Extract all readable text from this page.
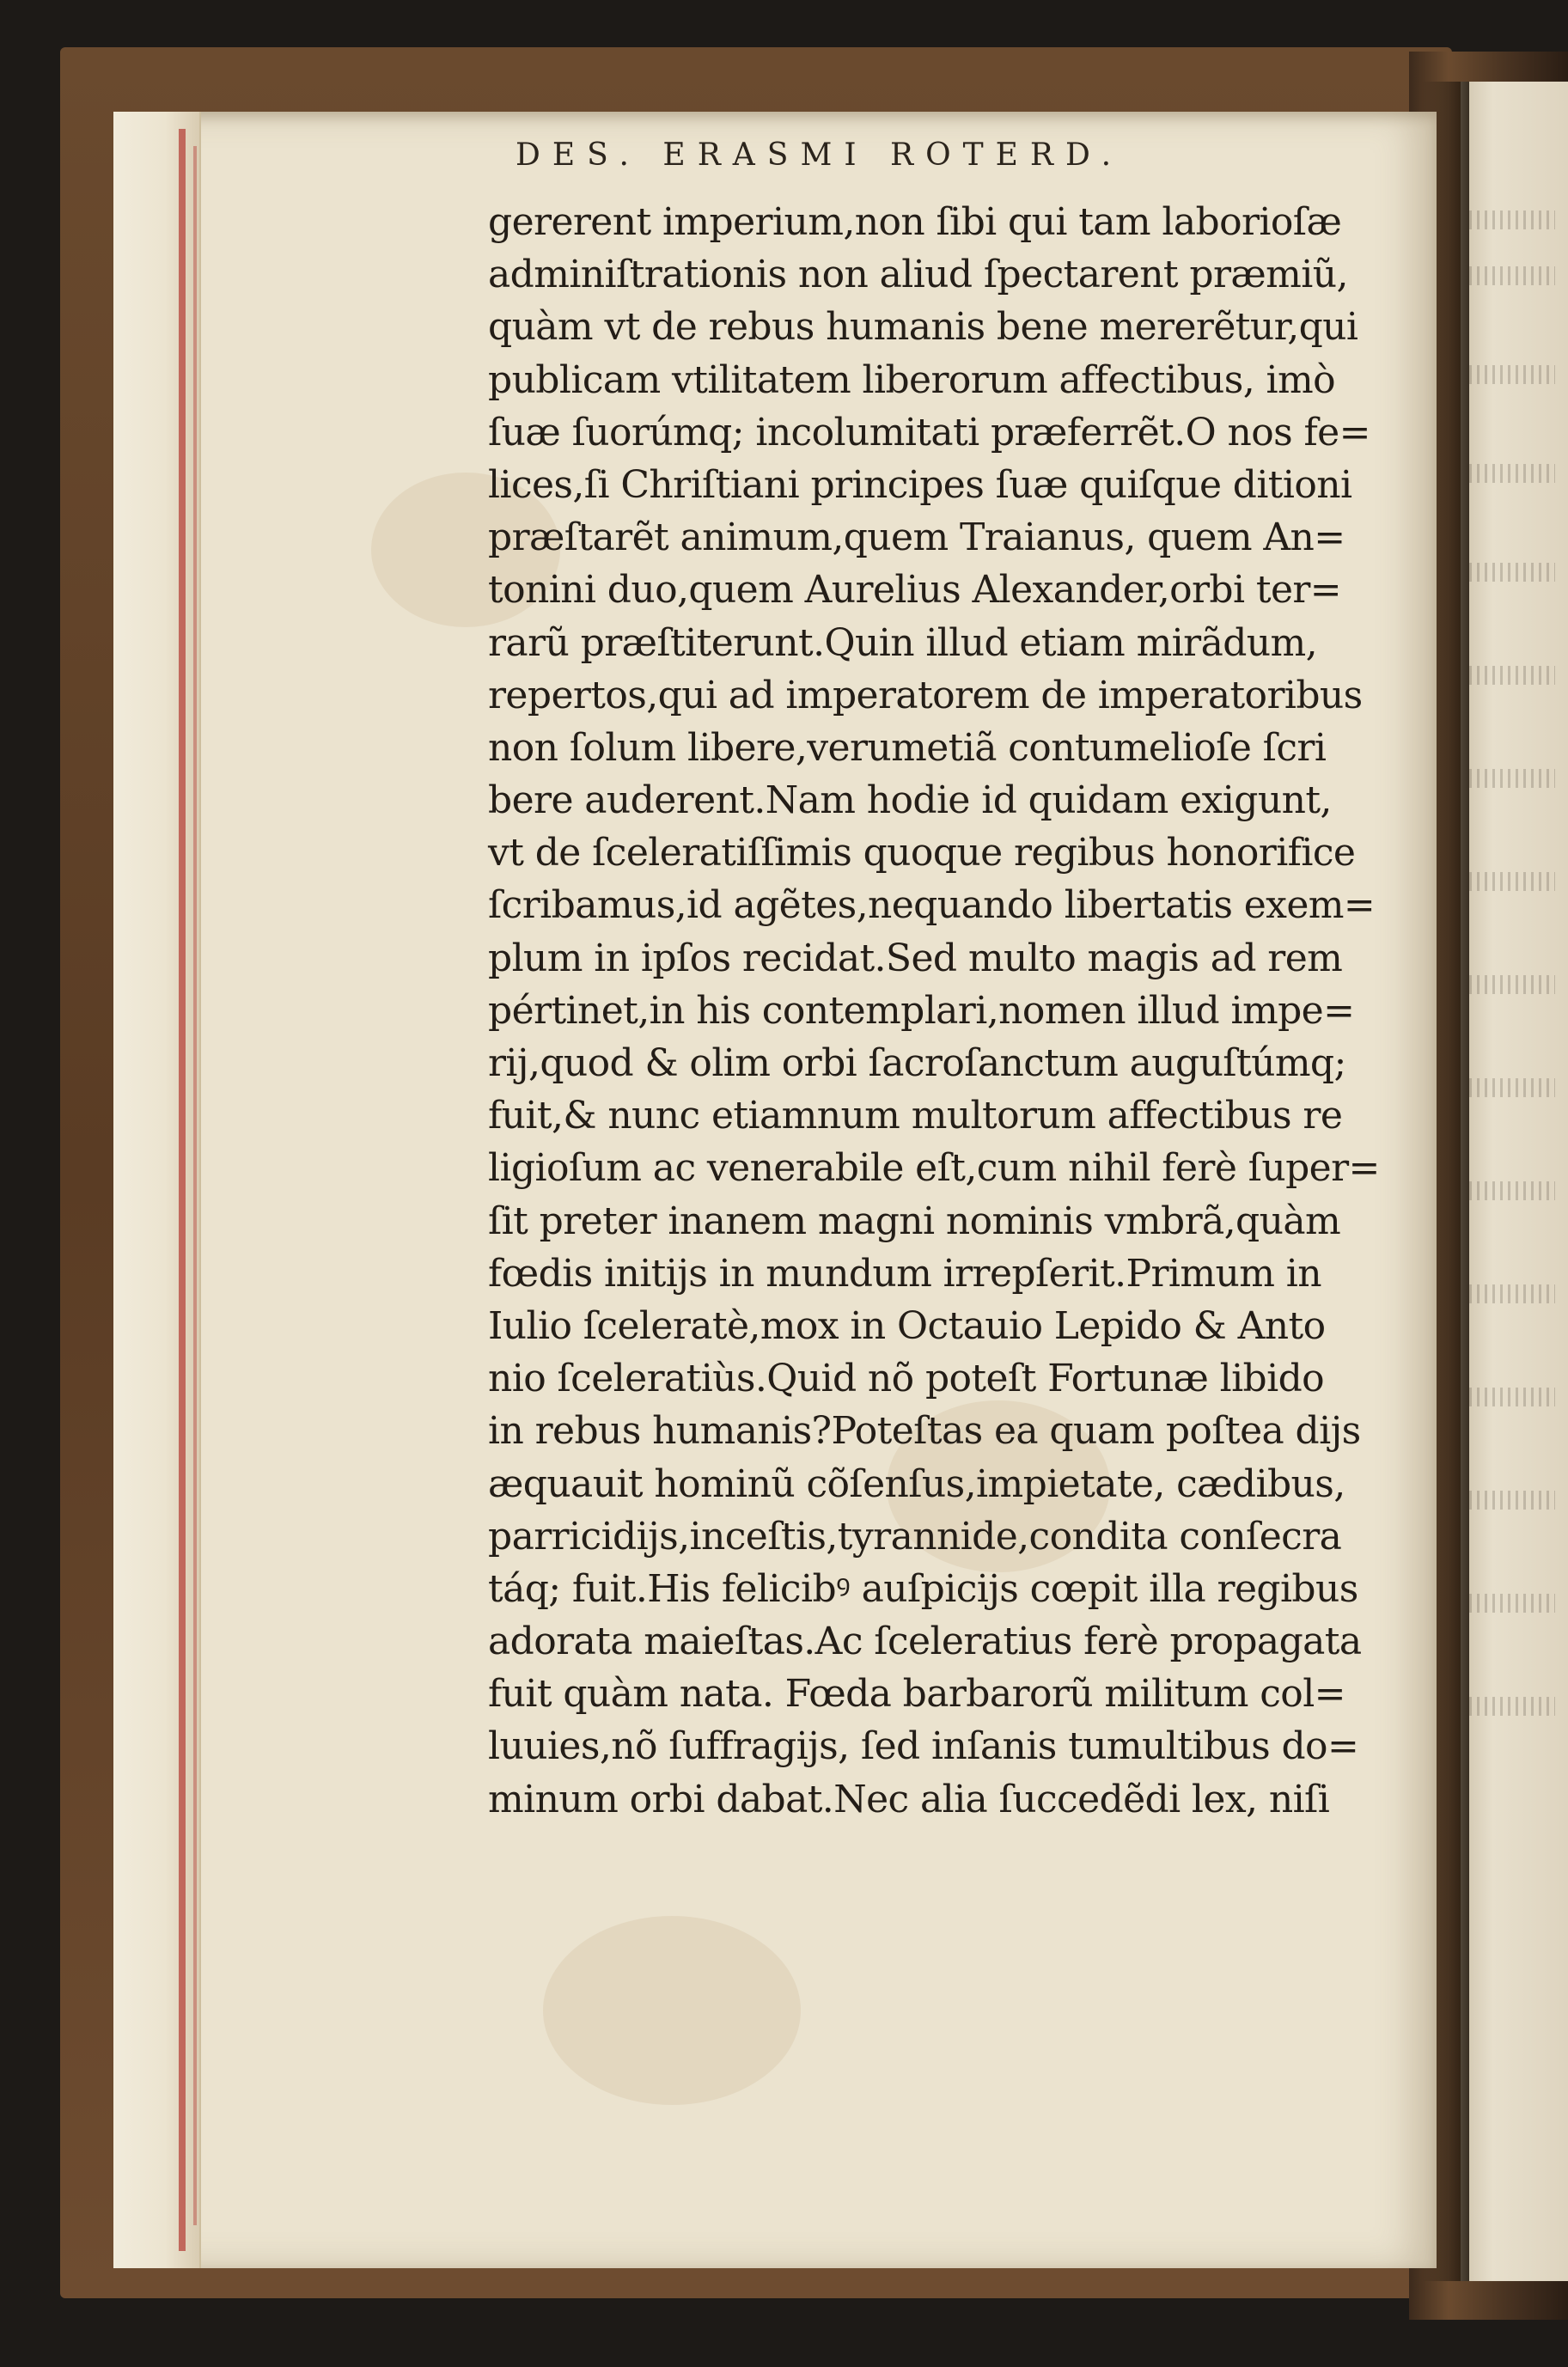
DES. ERASMI ROTERD.
gererent imperium,non ſibi qui tam laborioſæ
adminiſtrationis non aliud ſpectarent præmiũ,
quàm vt de rebus humanis bene mererẽtur,qui
publicam vtilitatem liberorum affectibus, imò
ſuæ ſuorúmq; incolumitati præferrẽt.O nos fe=
lices,ſi Chriſtiani principes ſuæ quiſque ditioni
præſtarẽt animum,quem Traianus, quem An=
tonini duo,quem Aurelius Alexander,orbi ter=
rarũ præſtiterunt.Quin illud etiam mirãdum,
repertos,qui ad imperatorem de imperatoribus
non ſolum libere,verumetiã contumelioſe ſcri
bere auderent.Nam hodie id quidam exigunt,
vt de ſceleratiſſimis quoque regibus honorifice
ſcribamus,id agẽtes,nequando libertatis exem=
plum in ipſos recidat.Sed multo magis ad rem
pértinet,in his contemplari,nomen illud impe=
rij,quod & olim orbi ſacroſanctum auguſtúmq;
fuit,& nunc etiamnum multorum affectibus re
ligioſum ac venerabile eſt,cum nihil ferè ſuper=
ſit preter inanem magni nominis vmbrã,quàm
fœdis initijs in mundum irrepſerit.Primum in
Iulio ſceleratè,mox in Octauio Lepido & Anto
nio ſceleratiùs.Quid nõ poteſt Fortunæ libido
in rebus humanis?Poteſtas ea quam poſtea dijs
æquauit hominũ cõſenſus,impietate, cædibus,
parricidijs,inceſtis,tyrannide,condita conſecra
táq; fuit.His felicibꝰ auſpicijs cœpit illa regibus
adorata maieſtas.Ac ſceleratius ferè propagata
fuit quàm nata. Fœda barbarorũ militum col=
luuies,nõ ſuffragijs, ſed inſanis tumultibus do=
minum orbi dabat.Nec alia ſuccedẽdi lex, niſi
